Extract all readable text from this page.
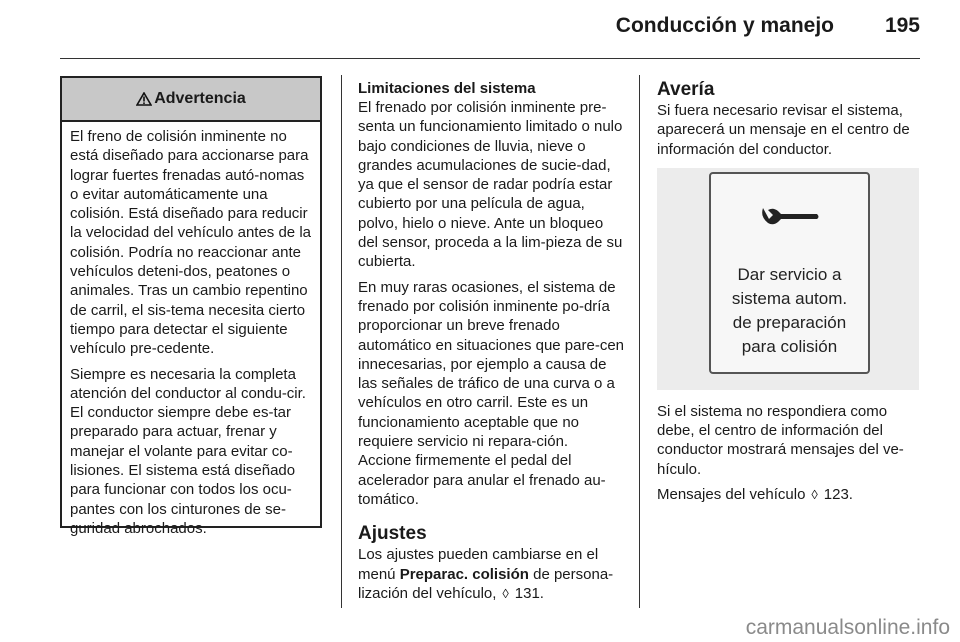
Conducción y manejo 195
Advertencia

El freno de colisión inminente no está diseñado para accionarse para lograr fuertes frenadas autó-nomas o evitar automáticamente una colisión. Está diseñado para reducir la velocidad del vehículo antes de la colisión. Podría no reaccionar ante vehículos deteni-dos, peatones o animales. Tras un cambio repentino de carril, el sis-tema necesita cierto tiempo para detectar el siguiente vehículo pre-cedente.

Siempre es necesaria la completa atención del conductor al condu-cir. El conductor siempre debe es-tar preparado para actuar, frenar y manejar el volante para evitar co-lisiones. El sistema está diseñado para funcionar con todos los ocu-pantes con los cinturones de se-guridad abrochados.

Limitaciones del sistema

El frenado por colisión inminente pre-senta un funcionamiento limitado o nulo bajo condiciones de lluvia, nieve o grandes acumulaciones de sucie-dad, ya que el sensor de radar podría estar cubierto por una película de agua, polvo, hielo o nieve. Ante un bloqueo del sensor, proceda a la lim-pieza de su cubierta.

En muy raras ocasiones, el sistema de frenado por colisión inminente po-dría proporcionar un breve frenado automático en situaciones que pare-cen innecesarias, por ejemplo a causa de las señales de tráfico de una curva o a vehículos en otro carril. Este es un funcionamiento aceptable que no requiere servicio ni repara-ción. Accione firmemente el pedal del acelerador para anular el frenado au-tomático.

Ajustes

Los ajustes pueden cambiarse en el menú Preparac. colisión de persona-lización del vehículo, ◊ 131.

Avería

Si fuera necesario revisar el sistema, aparecerá un mensaje en el centro de información del conductor.

Dar servicio a
sistema autom.
de preparación
para colisión

Si el sistema no respondiera como debe, el centro de información del conductor mostrará mensajes del ve-hículo.

Mensajes del vehículo ◊ 123.

carmanualsonline.info
